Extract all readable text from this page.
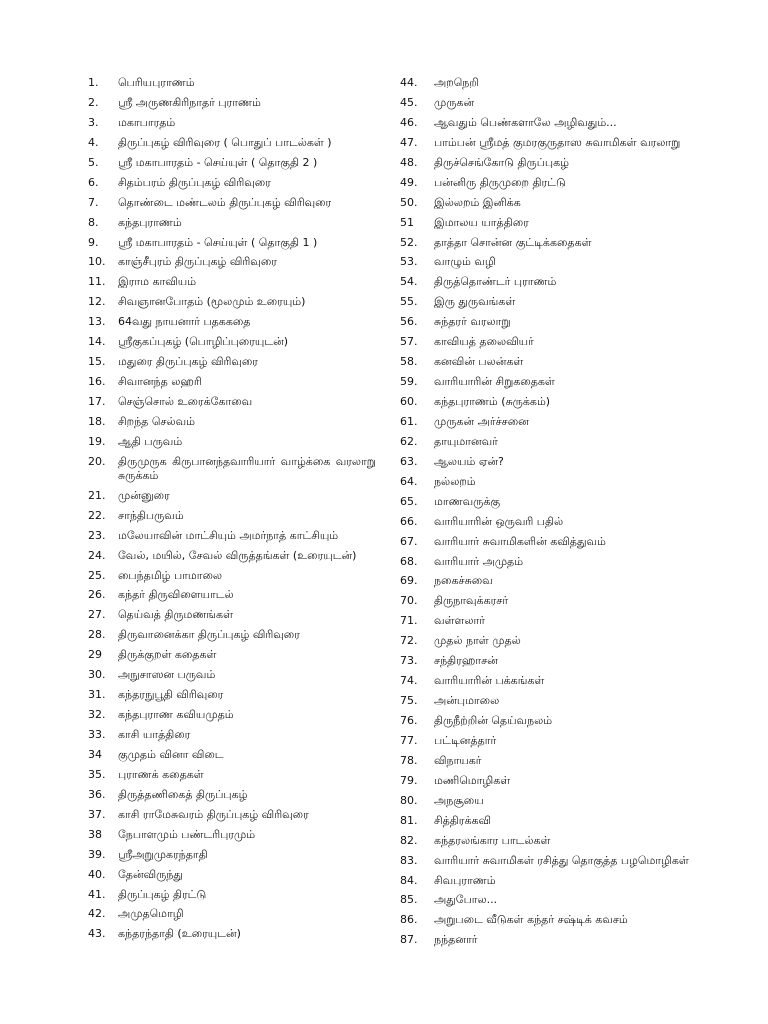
1.	பெரியபுராணம்
2.	ஸ்ரீ அருணகிரிநாதர் புராணம்
3.	மகாபாரதம்
4.	திருப்புகழ் விரிவுரை ( பொதுப் பாடல்கள் )
5.	ஸ்ரீ மகாபாரதம் - செய்யுள் ( தொகுதி 2 )
6.	சிதம்பரம் திருப்புகழ் விரிவுரை
7.	தொண்டை மண்டலம் திருப்புகழ் விரிவுரை
8.	கந்தபுராணம்
9.	ஸ்ரீ மகாபாரதம் - செய்யுள் ( தொகுதி 1 )
10.	காஞ்சீபுரம் திருப்புகழ் விரிவுரை
11.	இராம காவியம்
12.	சிவஞானபோதம் (மூலமும் உரையும்)
13.	64வது நாயனார் பதககதை
14.	ஸ்ரீகுகப்புகழ் (பொழிப்புரையுடன்)
15.	மதுரை திருப்புகழ் விரிவுரை
16.	சிவானந்த லஹரி
17.	செஞ்சொல் உரைக்கோவை
18.	சிறந்த செல்வம்
19.	ஆதி பருவம்
20.	திருமுருக கிருபானந்தவாரியார் வாழ்க்கை வரலாறு சுருக்கம்
21.	முன்னுரை
22.	சாந்திபருவம்
23.	மலேயாவின் மாட்சியும் அமர்நாத் காட்சியும்
24.	வேல், மயில், சேவல் விருத்தங்கள் (உரையுடன்)
25.	பைந்தமிழ் பாமாலை
26.	கந்தர் திருவிளையாடல்
27.	தெய்வத் திருமணங்கள்
28.	திருவானைக்கா திருப்புகழ் விரிவுரை
29	திருக்குறள் கதைகள்
30.	அநுசாஸன பருவம்
31.	கந்தரநுபூதி விரிவுரை
32.	கந்தபுராண கவியமுதம்
33.	காசி யாத்திரை
34	குமுதம் வினா விடை
35.	புராணக் கதைகள்
36.	திருத்தணிகைத் திருப்புகழ்
37.	காசி ராமேசுவரம் திருப்புகழ் விரிவுரை
38	நேபாளமும் பண்டரிபுரமும்
39.	ஸ்ரீஅறுமுகரந்தாதி
40.	தேன்விருந்து
41.	திருப்புகழ் திரட்டு
42.	அமுதமொழி
43.	கந்தரந்தாதி (உரையுடன்)
44.	அறநெறி
45.	முருகன்
46.	ஆவதும் பெண்களாலே அழிவதும்...
47.	பாம்பன் ஸ்ரீமத் குமரகுருதாஸ சுவாமிகள் வரலாறு
48.	திருச்செங்கோடு திருப்புகழ்
49.	பன்னிரு திருமுறை திரட்டு
50.	இல்லறம் இனிக்க
51	இமாலய யாத்திரை
52.	தாத்தா சொன்ன குட்டிக்கதைகள்
53.	வாழும் வழி
54.	திருத்தொண்டர் புராணம்
55.	இரு துருவங்கள்
56.	சுந்தரர் வரலாறு
57.	காவியத் தலைவியர்
58.	கனவின் பலன்கள்
59.	வாரியாரின் சிறுகதைகள்
60.	கந்தபுராணம் (சுருக்கம்)
61.	முருகன் அர்ச்சனை
62.	தாயுமானவர்
63.	ஆலயம் ஏன்?
64.	நல்லறம்
65.	மாணவருக்கு
66.	வாரியாரின் ஒருவரி பதில்
67.	வாரியார் சுவாமிகளின் கவித்துவம்
68.	வாரியார் அமுதம்
69.	நகைச்சுவை
70.	திருநாவுக்கரசர்
71.	வள்ளலார்
72.	முதல் நாள் முதல்
73.	சந்திரஹாசன்
74.	வாரியாரின் பக்கங்கள்
75.	அன்புமாலை
76.	திருநீற்றின் தெய்வநலம்
77.	பட்டினத்தார்
78.	விநாயகர்
79.	மணிமொழிகள்
80.	அநசூயை
81.	சித்திரக்கவி
82.	கந்தரலங்கார பாடல்கள்
83.	வாரியார் சுவாமிகள் ரசித்து தொகுத்த பழமொழிகள்
84.	சிவபுராணம்
85.	அதுபோல...
86.	அறுபடை வீடுகள் கந்தர் சஷ்டிக் கவசம்
87.	நந்தனார்
